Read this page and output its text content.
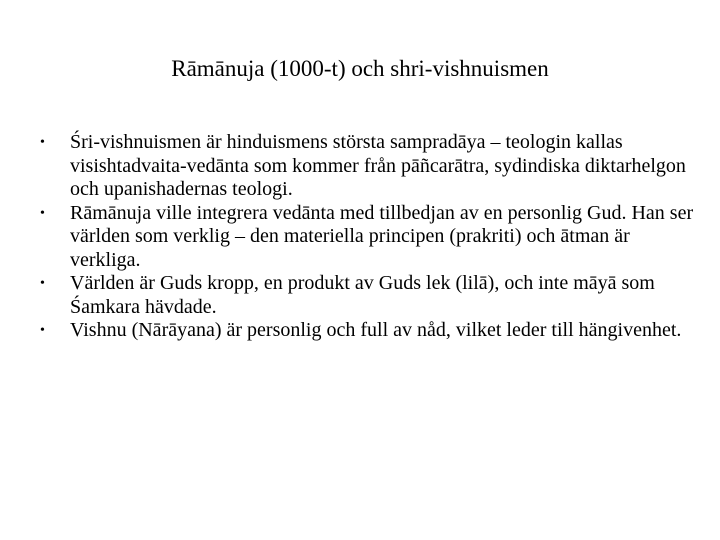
Rāmānuja (1000-t) och shri-vishnuismen
•	Śri-vishnuismen är hinduismens största sampradāya – teologin kallas visishtadvaita-vedānta som kommer från pāñcarātra, sydindiska diktarhelgon och upanishadernas teologi.
•	Rāmānuja ville integrera vedānta med tillbedjan av en personlig Gud. Han ser världen som verklig – den materiella principen (prakriti) och ātman är verkliga.
•	Världen är Guds kropp, en produkt av Guds lek (lilā), och inte māyā som Śamkara hävdade.
•	Vishnu (Nārāyana) är personlig och full av nåd, vilket leder till hängivenhet.
